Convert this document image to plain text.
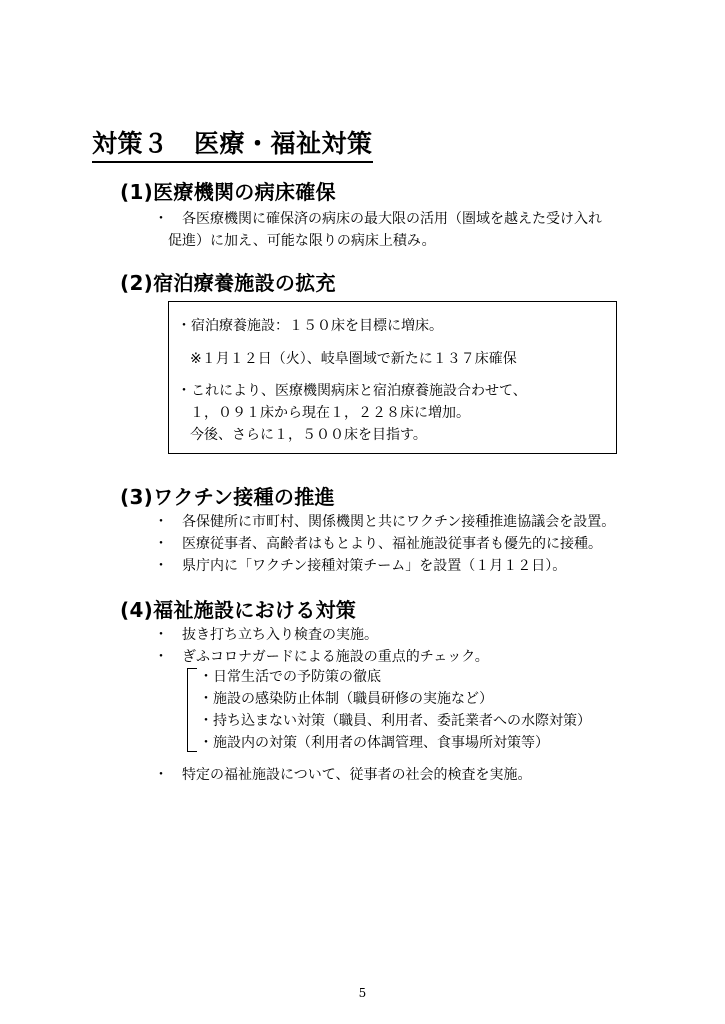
対策３　医療・福祉対策
(1)医療機関の病床確保
・　各医療機関に確保済の病床の最大限の活用（圏域を越えた受け入れ
促進）に加え、可能な限りの病床上積み。
(2)宿泊療養施設の拡充
・宿泊療養施設：１５０床を目標に増床。
※１月１２日（火）、岐阜圏域で新たに１３７床確保
・これにより、医療機関病床と宿泊療養施設合わせて、
１，０９１床から現在１，２２８床に増加。
今後、さらに１，５００床を目指す。
(3)ワクチン接種の推進
・　各保健所に市町村、関係機関と共にワクチン接種推進協議会を設置。
・　医療従事者、高齢者はもとより、福祉施設従事者も優先的に接種。
・　県庁内に「ワクチン接種対策チーム」を設置（１月１２日）。
(4)福祉施設における対策
・　抜き打ち立ち入り検査の実施。
・　ぎふコロナガードによる施設の重点的チェック。
・日常生活での予防策の徹底
・施設の感染防止体制（職員研修の実施など）
・持ち込まない対策（職員、利用者、委託業者への水際対策）
・施設内の対策（利用者の体調管理、食事場所対策等）
・　特定の福祉施設について、従事者の社会的検査を実施。
5
